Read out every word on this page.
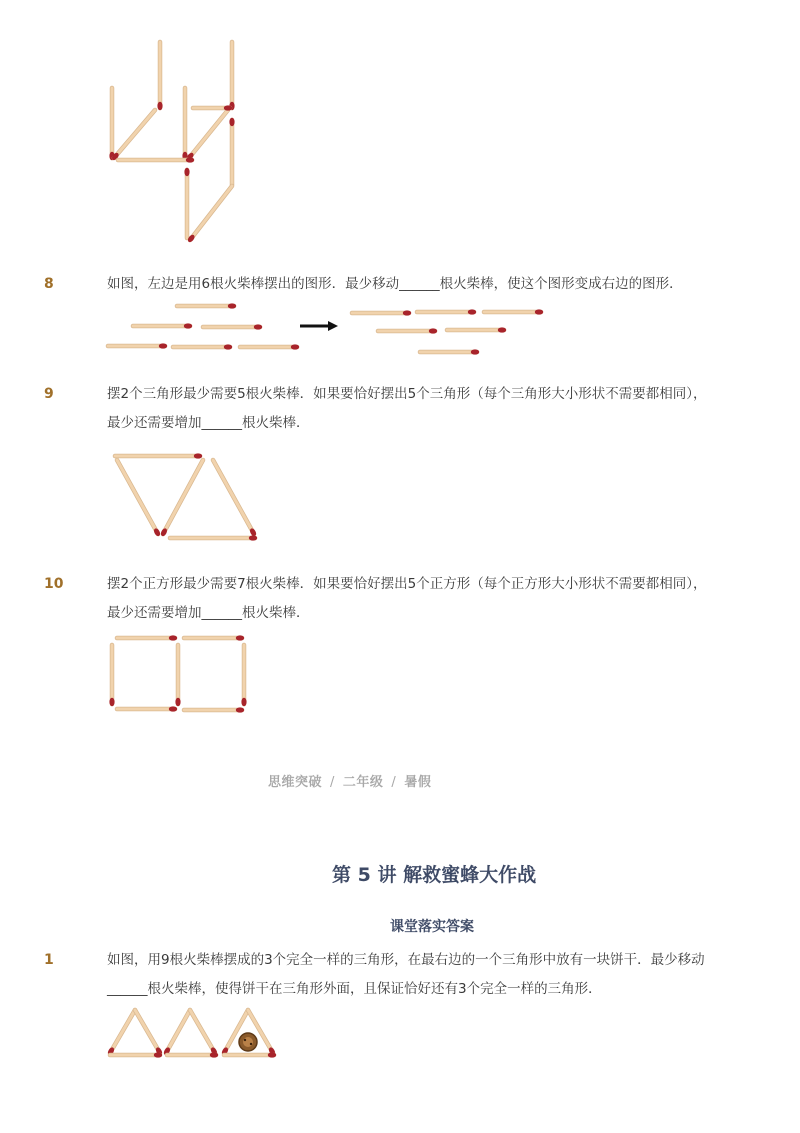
8	如图，左边是用6根火柴棒摆出的图形．最少移动______根火柴棒，使这个图形变成右边的图形．
9	摆2个三角形最少需要5根火柴棒．如果要恰好摆出5个三角形（每个三角形大小形状不需要都相同），最少还需要增加______根火柴棒．
10	摆2个正方形最少需要7根火柴棒．如果要恰好摆出5个正方形（每个正方形大小形状不需要都相同），最少还需要增加______根火柴棒．
思维突破 / 二年级 / 暑假
第 5 讲 解救蜜蜂大作战
课堂落实答案
1	如图，用9根火柴棒摆成的3个完全一样的三角形，在最右边的一个三角形中放有一块饼干．最少移动______根火柴棒，使得饼干在三角形外面，且保证恰好还有3个完全一样的三角形．
